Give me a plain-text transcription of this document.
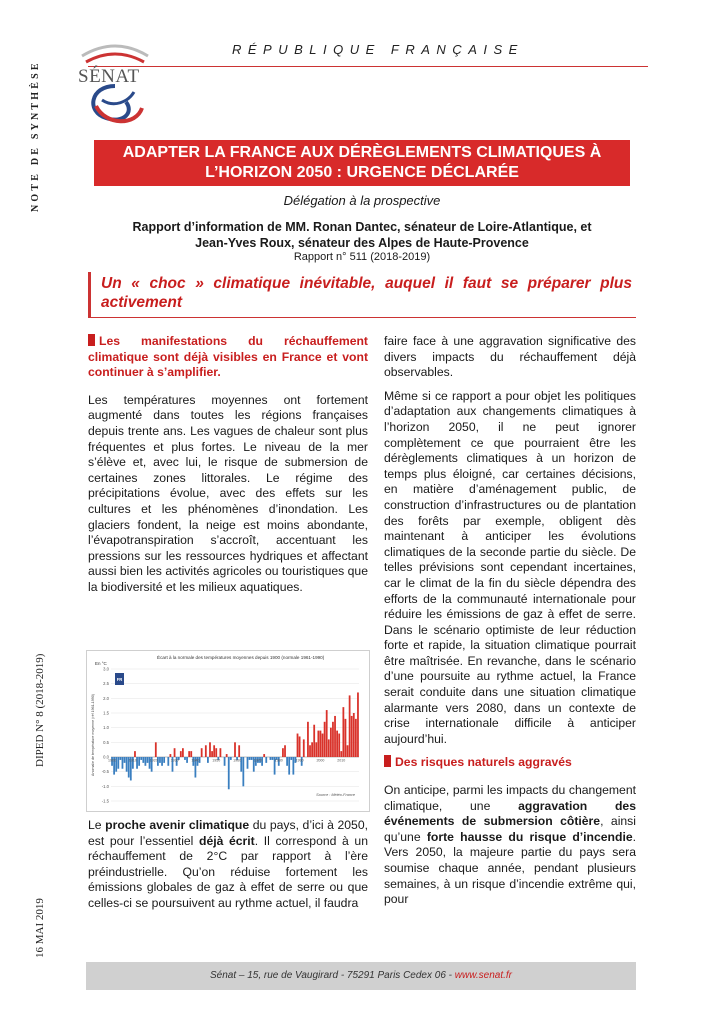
NOTE DE SYNTHÈSE
DIPED N° 8 (2018-2019)
16 MAI 2019
RÉPUBLIQUE FRANÇAISE
SÉNAT
ADAPTER LA FRANCE AUX DÉRÈGLEMENTS CLIMATIQUES À
L’HORIZON 2050 : URGENCE DÉCLARÉE
Délégation à la prospective
Rapport d’information de MM. Ronan Dantec, sénateur de Loire-Atlantique, et
Jean-Yves Roux, sénateur des Alpes de Haute-Provence
Rapport n° 511 (2018-2019)
Un « choc » climatique inévitable, auquel il faut se préparer plus activement
Les manifestations du réchauffement climatique sont déjà visibles en France et vont continuer à s’amplifier.

Les températures moyennes ont fortement augmenté dans toutes les régions françaises depuis trente ans. Les vagues de chaleur sont plus fréquentes et plus fortes. Le niveau de la mer s’élève et, avec lui, le risque de submersion de certaines zones littorales. Le régime des précipitations évolue, avec des effets sur les cultures et les phénomènes d’inondation. Les glaciers fondent, la neige est moins abondante, l’évapotranspiration s’accroît, accentuant les pressions sur les ressources hydriques et affectant aussi bien les activités agricoles ou touristiques que la biodiversité et les milieux aquatiques.

Écart à la normale des températures moyennes depuis 1900 (normale 1961-1990)
En °C
-1.5
-1.0
-0.5
0.0
0.5
1.0
1.5
2.0
2.5
3.0
1900	1910	1920	1930	1940	1950	1960	1970	1980	1990	2000	2010
Anomalie de température moyenne (réf 1961-1990)
FR
Source : Météo-France

Le proche avenir climatique du pays, d’ici à 2050, est pour l’essentiel déjà écrit. Il correspond à un réchauffement de 2°C par rapport à l’ère préindustrielle. Qu’on réduise fortement les émissions globales de gaz à effet de serre ou que celles-ci se poursuivent au rythme actuel, il faudra

faire face à une aggravation significative des divers impacts du réchauffement déjà observables.

Même si ce rapport a pour objet les politiques d’adaptation aux changements climatiques à l’horizon 2050, il ne peut ignorer complètement ce que pourraient être les dérèglements climatiques à un horizon de temps plus éloigné, car certaines décisions, en matière d’aménagement public, de construction d’infrastructures ou de plantation des forêts par exemple, obligent dès maintenant à anticiper les évolutions climatiques de la seconde partie du siècle. De telles prévisions sont cependant incertaines, car le climat de la fin du siècle dépendra des efforts de la communauté internationale pour réduire les émissions de gaz à effet de serre. Dans le scénario optimiste de leur réduction forte et rapide, la situation climatique pourrait être maîtrisée. En revanche, dans le scénario d’une poursuite au rythme actuel, la France serait conduite dans une situation climatique alarmante vers 2080, dans un contexte de crise internationale difficile à anticiper aujourd’hui.

Des risques naturels aggravés

On anticipe, parmi les impacts du changement climatique, une aggravation des événements de submersion côtière, ainsi qu’une forte hausse du risque d’incendie. Vers 2050, la majeure partie du pays sera soumise chaque année, pendant plusieurs semaines, à un risque d’incendie extrême qui, pour

Sénat – 15, rue de Vaugirard - 75291 Paris Cedex 06 - www.senat.fr
